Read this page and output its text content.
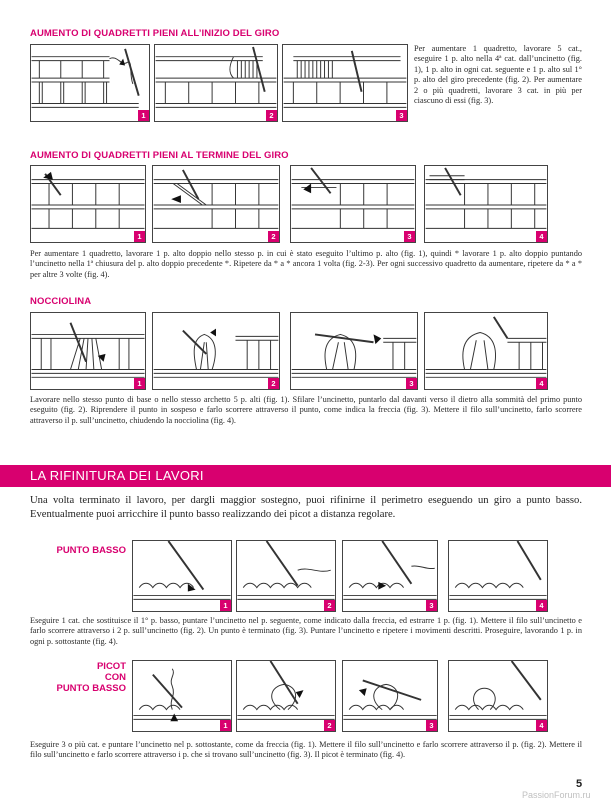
AUMENTO DI QUADRETTI PIENI ALL’INIZIO DEL GIRO
1	2	3
Per aumentare 1 quadretto, lavorare 5 cat., eseguire 1 p. alto nella 4ª cat. dall’uncinetto (fig. 1), 1 p. alto in ogni cat. seguente e 1 p. alto sul 1° p. alto del giro precedente (fig. 2). Per aumentare 2 o più quadretti, lavorare 3 cat. in più per ciascuno di essi (fig. 3).
AUMENTO DI QUADRETTI PIENI AL TERMINE DEL GIRO
1	2	3	4
Per aumentare 1 quadretto, lavorare 1 p. alto doppio nello stesso p. in cui è stato eseguito l’ultimo p. alto (fig. 1), quindi * lavorare 1 p. alto doppio puntando l’uncinetto nella 1ª chiusura del p. alto doppio precedente *. Ripetere da * a * ancora 1 volta (fig. 2-3). Per ogni successivo quadretto da aumentare, ripetere da * a * per altre 3 volte (fig. 4).
NOCCIOLINA
1	2	3	4
Lavorare nello stesso punto di base o nello stesso archetto 5 p. alti (fig. 1). Sfilare l’uncinetto, puntarlo dal davanti verso il dietro alla sommità del primo punto eseguito (fig. 2). Riprendere il punto in sospeso e farlo scorrere attraverso il punto, come indica la freccia (fig. 3). Mettere il filo sull’uncinetto, farlo scorrere attraverso il p. sull’uncinetto, chiudendo la nocciolina (fig. 4).
LA RIFINITURA DEI LAVORI
Una volta terminato il lavoro, per dargli maggior sostegno, puoi rifinirne il perimetro eseguendo un giro a punto basso. Eventualmente puoi arricchire il punto basso realizzando dei picot a distanza regolare.
PUNTO BASSO
1	2	3	4
Eseguire 1 cat. che sostituisce il 1° p. basso, puntare l’uncinetto nel p. seguente, come indicato dalla freccia, ed estrarre 1 p. (fig. 1). Mettere il filo sull’uncinetto e farlo scorrere attraverso i 2 p. sull’uncinetto (fig. 2). Un punto è terminato (fig. 3). Puntare l’uncinetto e ripetere i movimenti descritti. Proseguire, lavorando 1 p. in ogni p. sottostante (fig. 4).
PICOT
CON
PUNTO BASSO
1	2	3	4
Eseguire 3 o più cat. e puntare l’uncinetto nel p. sottostante, come da freccia (fig. 1). Mettere il filo sull’uncinetto e farlo scorrere attraverso il p. (fig. 2). Mettere il filo sull’uncinetto e farlo scorrere attraverso i p. che si trovano sull’uncinetto (fig. 3). Il picot è terminato (fig. 4).
5
PassionForum.ru
